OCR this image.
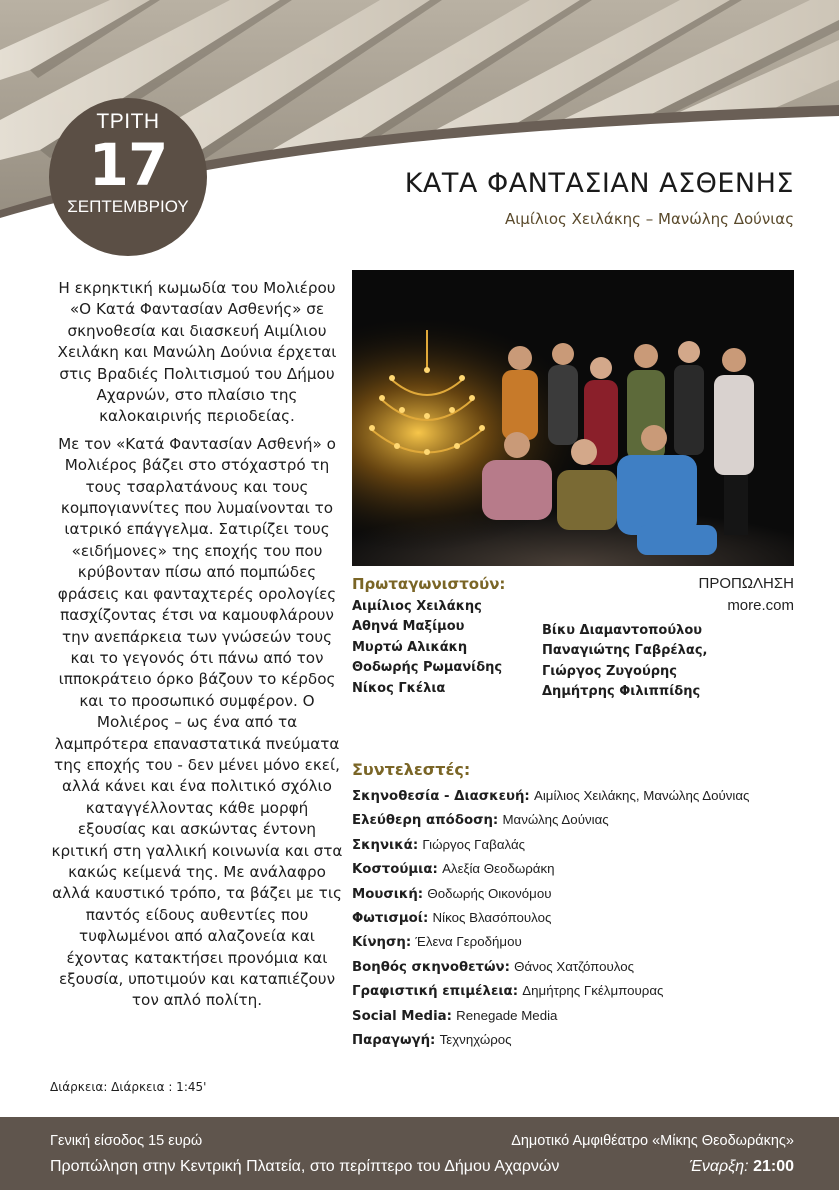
ΤΡΙΤΗ
17
ΣΕΠΤΕΜΒΡΙΟΥ
ΚΑΤΑ ΦΑΝΤΑΣΙΑΝ ΑΣΘΕΝΗΣ
Αιμίλιος Χειλάκης – Μανώλης Δούνιας

Η εκρηκτική κωμωδία του Μολιέρου «Ο Κατά Φαντασίαν Ασθενής» σε σκηνοθεσία και διασκευή Αιμίλιου Χειλάκη και Μανώλη Δούνια έρχεται στις Βραδιές Πολιτισμού του Δήμου Αχαρνών, στο πλαίσιο της καλοκαιρινής περιοδείας.

Με τον «Κατά Φαντασίαν Ασθενή» ο Μολιέρος βάζει στο στόχαστρό τη τους τσαρλατάνους και τους κομπογιαννίτες που λυμαίνονται το ιατρικό επάγγελμα. Σατιρίζει τους «ειδήμονες» της εποχής του που κρύβονταν πίσω από πομπώδες φράσεις και φανταχτερές ορολογίες πασχίζοντας έτσι να καμουφλάρουν την ανεπάρκεια των γνώσεών τους και το γεγονός ότι πάνω από τον ιπποκράτειο όρκο βάζουν το κέρδος και το προσωπικό συμφέρον. Ο Μολιέρος – ως ένα από τα λαμπρότερα επαναστατικά πνεύματα της εποχής του - δεν μένει μόνο εκεί, αλλά κάνει και ένα πολιτικό σχόλιο καταγγέλλοντας κάθε μορφή εξουσίας και ασκώντας έντονη κριτική στη γαλλική κοινωνία και στα κακώς κείμενά της. Με ανάλαφρο αλλά καυστικό τρόπο, τα βάζει με τις παντός είδους αυθεντίες που τυφλωμένοι από αλαζονεία και έχοντας κατακτήσει προνόμια και εξουσία, υποτιμούν και καταπιέζουν τον απλό πολίτη.

Πρωταγωνιστούν:	ΠΡΟΠΩΛΗΣΗ
more.com
Αιμίλιος Χειλάκης
Αθηνά Μαξίμου
Μυρτώ Αλικάκη
Θοδωρής Ρωμανίδης
Νίκος Γκέλια
Βίκυ Διαμαντοπούλου
Παναγιώτης Γαβρέλας,
Γιώργος Ζυγούρης
Δημήτρης Φιλιππίδης
Συντελεστές:
Σκηνοθεσία - Διασκευή: Αιμίλιος Χειλάκης, Μανώλης Δούνιας
Ελεύθερη απόδοση: Μανώλης Δούνιας
Σκηνικά: Γιώργος Γαβαλάς
Κοστούμια: Αλεξία Θεοδωράκη
Μουσική: Θοδωρής Οικονόμου
Φωτισμοί: Νίκος Βλασόπουλος
Κίνηση: Έλενα Γεροδήμου
Βοηθός σκηνοθετών: Θάνος Χατζόπουλος
Γραφιστική επιμέλεια: Δημήτρης Γκέλμπουρας
Social Media: Renegade Media
Παραγωγή: Τεχνηχώρος
Διάρκεια: Διάρκεια : 1:45'
Γενική είσοδος 15 ευρώ	Δημοτικό Αμφιθέατρο «Μίκης Θεοδωράκης»
Προπώληση στην Κεντρική Πλατεία, στο περίπτερο του Δήμου Αχαρνών	Έναρξη: 21:00
